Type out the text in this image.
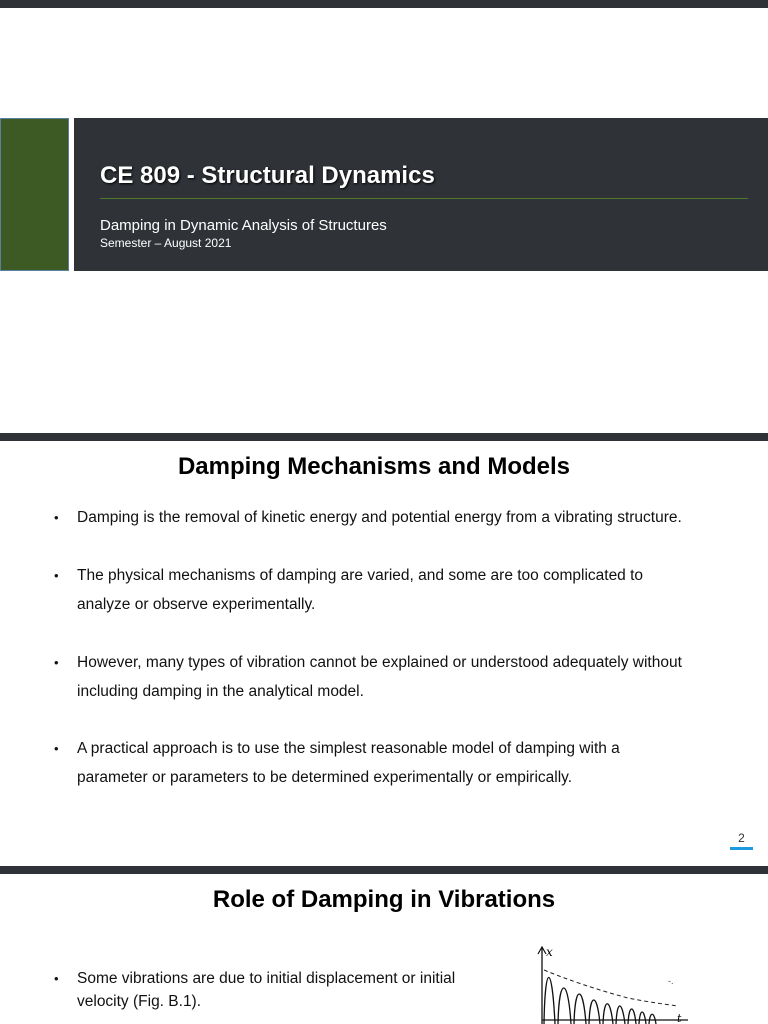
CE 809 - Structural Dynamics
Damping in Dynamic Analysis of Structures
Semester – August 2021
Damping Mechanisms and Models
• Damping is the removal of kinetic energy and potential energy from a vibrating structure.
• The physical mechanisms of damping are varied, and some are too complicated to
analyze or observe experimentally.
• However, many types of vibration cannot be explained or understood adequately without
including damping in the analytical model.
• A practical approach is to use the simplest reasonable model of damping with a
parameter or parameters to be determined experimentally or empirically.
2
Role of Damping in Vibrations
• Some vibrations are due to initial displacement or initial
velocity (Fig. B.1).
x
t
-.
